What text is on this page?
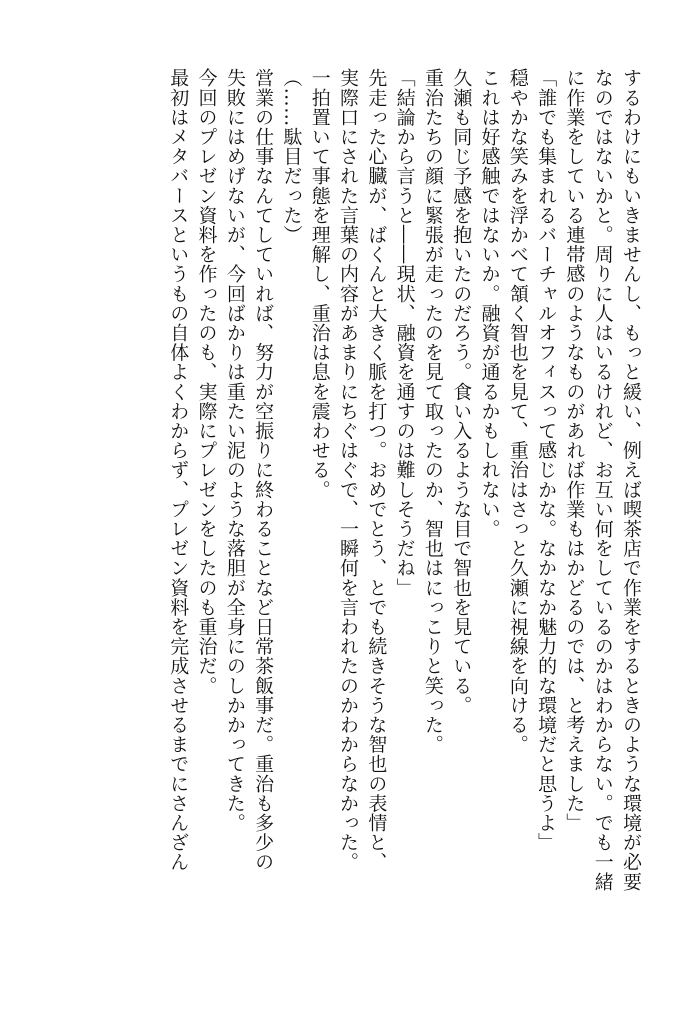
するわけにもいきませんし、もっと緩い、例えば喫茶店で作業をするときのような環境が必要
なのではないかと。周りに人はいるけれど、お互い何をしているのかはわからない。でも一緒
に作業をしている連帯感のようなものがあれば作業もはかどるのでは、と考えました」
「誰でも集まれるバーチャルオフィスって感じかな。なかなか魅力的な環境だと思うよ」
穏やかな笑みを浮かべて頷く智也を見て、重治はさっと久瀬に視線を向ける。
これは好感触ではないか。融資が通るかもしれない。
久瀬も同じ予感を抱いたのだろう。食い入るような目で智也を見ている。
重治たちの顔に緊張が走ったのを見て取ったのか、智也はにっこりと笑った。
「結論から言うと――現状、融資を通すのは難しそうだね」
先走った心臓が、ばくんと大きく脈を打つ。おめでとう、とでも続きそうな智也の表情と、
実際口にされた言葉の内容があまりにちぐはぐで、一瞬何を言われたのかわからなかった。
一拍置いて事態を理解し、重治は息を震わせる。
（……駄目だった）
営業の仕事なんてしていれば、努力が空振りに終わることなど日常茶飯事だ。重治も多少の
失敗にはめげないが、今回ばかりは重たい泥のような落胆が全身にのしかかってきた。
今回のプレゼン資料を作ったのも、実際にプレゼンをしたのも重治だ。
最初はメタバースというもの自体よくわからず、プレゼン資料を完成させるまでにさんざん
